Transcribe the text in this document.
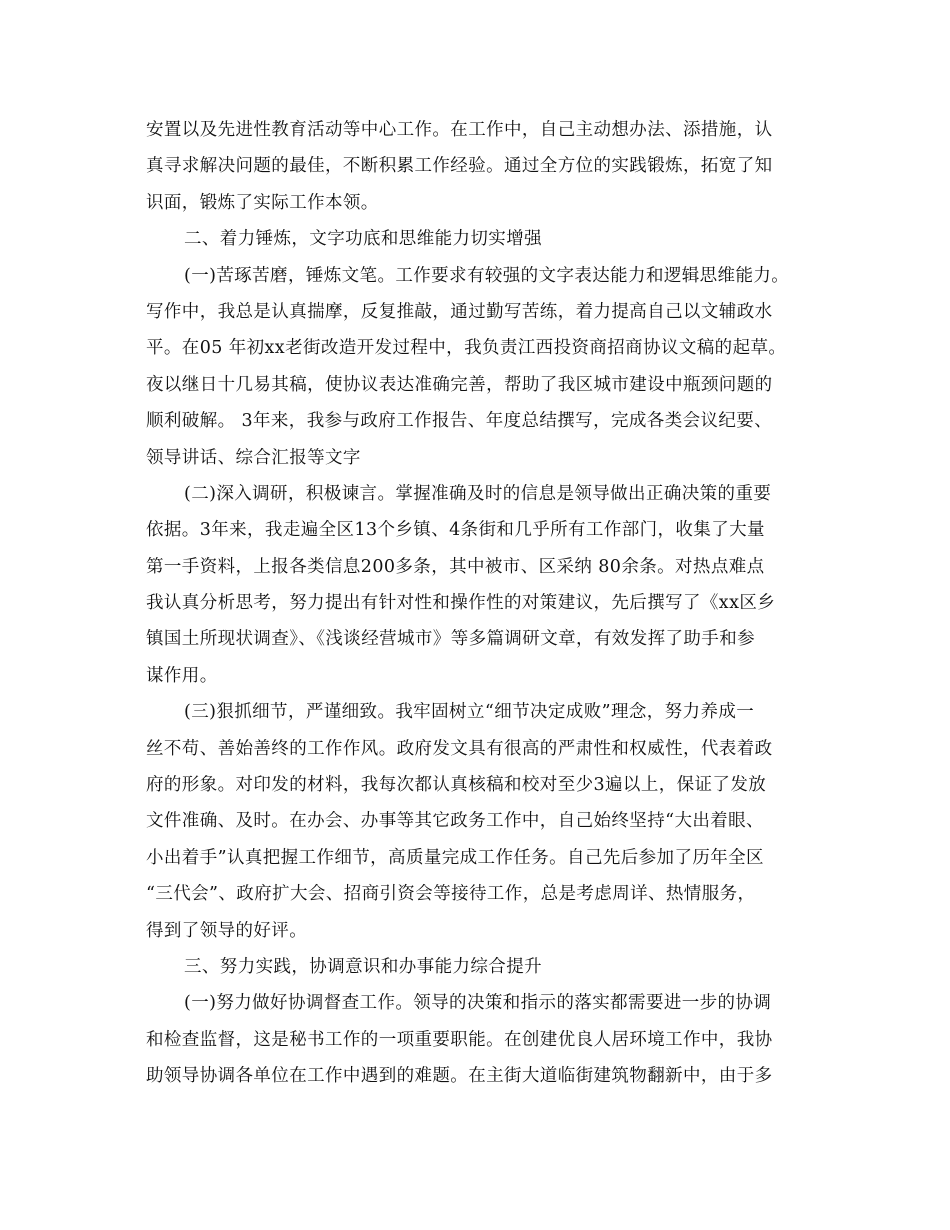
安置以及先进性教育活动等中心工作。在工作中，自己主动想办法、添措施，认
真寻求解决问题的最佳，不断积累工作经验。通过全方位的实践锻炼，拓宽了知
识面，锻炼了实际工作本领。
二、着力锤炼，文字功底和思维能力切实增强
(一)苦琢苦磨，锤炼文笔。工作要求有较强的文字表达能力和逻辑思维能力。
写作中，我总是认真揣摩，反复推敲，通过勤写苦练，着力提高自己以文辅政水
平。在05 年初xx老街改造开发过程中，我负责江西投资商招商协议文稿的起草。
夜以继日十几易其稿，使协议表达准确完善，帮助了我区城市建设中瓶颈问题的
顺利破解。 3年来，我参与政府工作报告、年度总结撰写，完成各类会议纪要、
领导讲话、综合汇报等文字
(二)深入调研，积极谏言。掌握准确及时的信息是领导做出正确决策的重要
依据。3年来，我走遍全区13个乡镇、4条街和几乎所有工作部门，收集了大量
第一手资料，上报各类信息200多条，其中被市、区采纳 80余条。对热点难点
我认真分析思考，努力提出有针对性和操作性的对策建议，先后撰写了《xx区乡
镇国土所现状调查》、《浅谈经营城市》等多篇调研文章，有效发挥了助手和参
谋作用。
(三)狠抓细节，严谨细致。我牢固树立“细节决定成败”理念，努力养成一
丝不苟、善始善终的工作作风。政府发文具有很高的严肃性和权威性，代表着政
府的形象。对印发的材料，我每次都认真核稿和校对至少3遍以上，保证了发放
文件准确、及时。在办会、办事等其它政务工作中，自己始终坚持“大出着眼、
小出着手”认真把握工作细节，高质量完成工作任务。自己先后参加了历年全区
“三代会”、政府扩大会、招商引资会等接待工作，总是考虑周详、热情服务，
得到了领导的好评。
三、努力实践，协调意识和办事能力综合提升
(一)努力做好协调督查工作。领导的决策和指示的落实都需要进一步的协调
和检查监督，这是秘书工作的一项重要职能。在创建优良人居环境工作中，我协
助领导协调各单位在工作中遇到的难题。在主街大道临街建筑物翻新中，由于多
